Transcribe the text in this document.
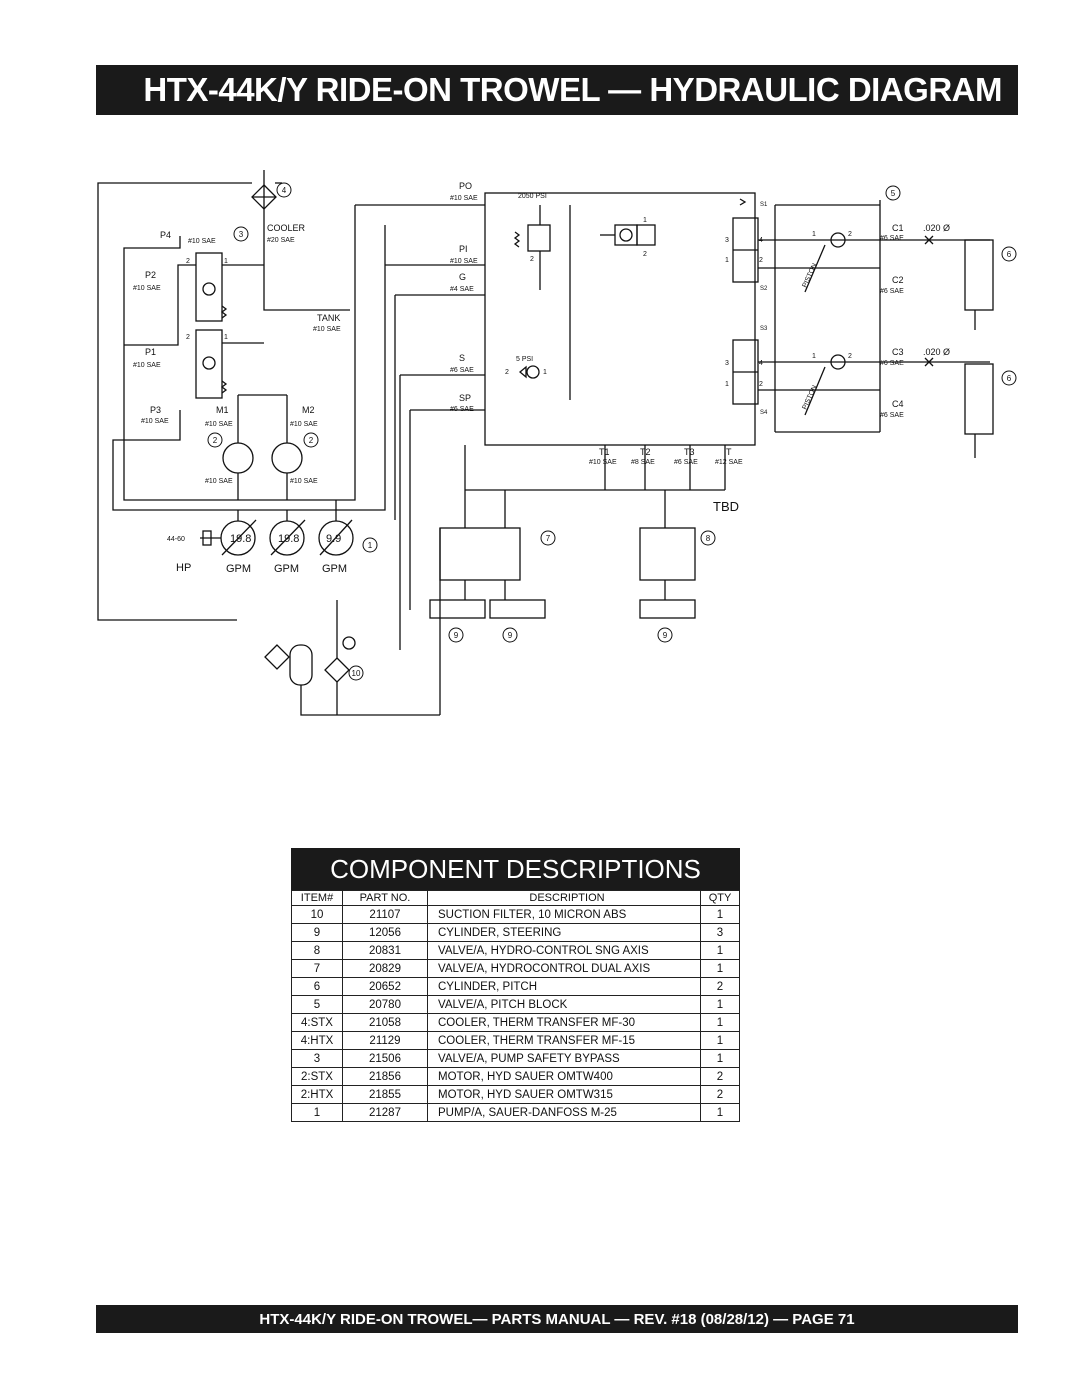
HTX-44K/Y RIDE-ON TROWEL — HYDRAULIC DIAGRAM
4
3
5
6
6
2	2
1
7	8
9	9	9
10
PO
#10 SAE	2050 PSI
PI
#10 SAE
G
#4 SAE
S
#6 SAE
5 PSI
SP
#6 SAE
P4
#10 SAE
COOLER
#20 SAE
P2
#10 SAE
TANK
#10 SAE
P1
#10 SAE
P3
#10 SAE
M1
#10 SAE
M2
#10 SAE
#10 SAE	#10 SAE
44-60
HP
19.8 19.8 9.9
GPM GPM GPM
T1	T2	T3	T
#10 SAE #8 SAE	#6 SAE #12 SAE
C1
#6 SAE
.020 Ø
C2
#6 SAE
C3
#6 SAE
.020 Ø
C4
#6 SAE
S1
S2
S3
S4
PISTON
PISTON
TBD
2	1
2	1
2
1
2
2	1
3	4
1	2
3	4
1	2
1	2
1	2
COMPONENT DESCRIPTIONS
ITEM#	PART NO.	DESCRIPTION	QTY
10	21107	SUCTION FILTER, 10 MICRON ABS	1
9	12056	CYLINDER, STEERING	3
8	20831	VALVE/A, HYDRO-CONTROL SNG AXIS	1
7	20829	VALVE/A, HYDROCONTROL DUAL AXIS	1
6	20652	CYLINDER, PITCH	2
5	20780	VALVE/A, PITCH BLOCK	1
4:STX	21058	COOLER, THERM TRANSFER MF-30	1
4:HTX	21129	COOLER, THERM TRANSFER MF-15	1
3	21506	VALVE/A, PUMP SAFETY BYPASS	1
2:STX	21856	MOTOR, HYD SAUER OMTW400	2
2:HTX	21855	MOTOR, HYD SAUER OMTW315	2
1	21287	PUMP/A, SAUER-DANFOSS M-25	1
HTX-44K/Y RIDE-ON TROWEL— PARTS MANUAL — REV. #18 (08/28/12) — PAGE 71
